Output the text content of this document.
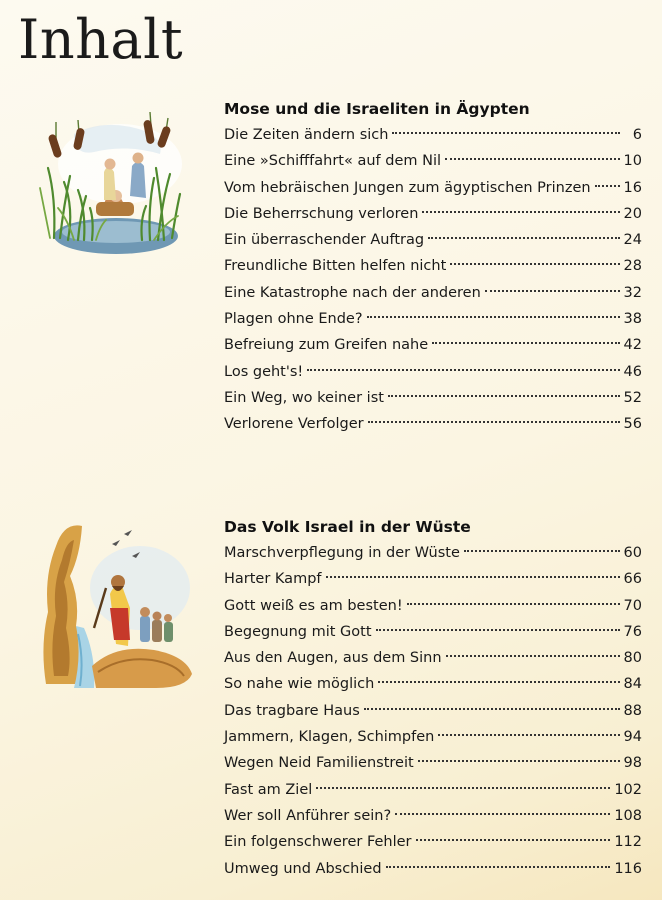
Inhalt
Mose und die Israeliten in Ägypten
Die Zeiten ändern sich	6
Eine »Schifffahrt« auf dem Nil	10
Vom hebräischen Jungen zum ägyptischen Prinzen 16
Die Beherrschung verloren	20
Ein überraschender Auftrag	24
Freundliche Bitten helfen nicht	28
Eine Katastrophe nach der anderen	32
Plagen ohne Ende?	38
Befreiung zum Greifen nahe	42
Los geht's!	46
Ein Weg, wo keiner ist	52
Verlorene Verfolger	56
Das Volk Israel in der Wüste
Marschverpflegung in der Wüste	60
Harter Kampf	66
Gott weiß es am besten!	70
Begegnung mit Gott	76
Aus den Augen, aus dem Sinn	80
So nahe wie möglich	84
Das tragbare Haus	88
Jammern, Klagen, Schimpfen	94
Wegen Neid Familienstreit	98
Fast am Ziel	102
Wer soll Anführer sein?	108
Ein folgenschwerer Fehler	112
Umweg und Abschied	116
